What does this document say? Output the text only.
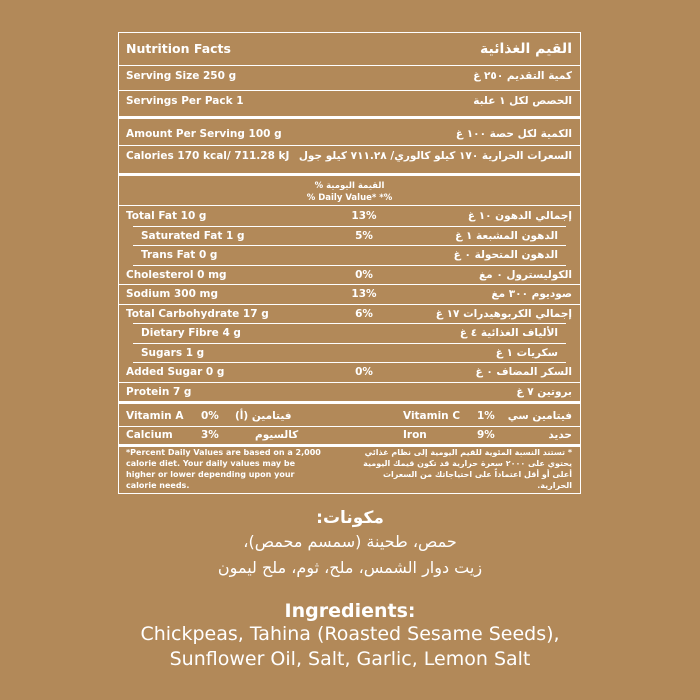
Nutrition Facts	القيم الغذائية
Serving Size 250 g	كمية التقديم ٢٥٠ غ
Servings Per Pack 1	الحصص لكل ١ علبة
Amount Per Serving 100 g	الكمية لكل حصة ١٠٠ غ
Calories 170 kcal/ 711.28 kJ السعرات الحرارية ١٧٠ كيلو كالوري/ ٧١١.٢٨ كيلو جول
القيمة اليومية %
% Daily Value* *%
Total Fat 10 g	13%	إجمالي الدهون ١٠ غ
Saturated Fat 1 g	5%	الدهون المشبعة ١ غ
Trans Fat 0 g	الدهون المتحولة ٠ غ
Cholesterol 0 mg	0%	الكوليسترول ٠ مغ
Sodium 300 mg	13%	صوديوم ٣٠٠ مغ
Total Carbohydrate 17 g	6%	إجمالي الكربوهيدرات ١٧ غ
Dietary Fibre 4 g	الألياف الغذائية ٤ غ
Sugars 1 g	سكريات ١ غ
Added Sugar 0 g	0%	السكر المضاف ٠ غ
Protein 7 g	بروتين ٧ غ
Vitamin A 0% فيتامين (أ)	Vitamin C 1% فيتامين سي
Calcium	3%	كالسيوم	Iron	9%	حديد
*Percent Daily Values are based on a 2,000 calorie diet. Your daily values may be higher or lower depending upon your calorie needs.
* تستند النسبة المئوية للقيم اليومية إلى نظام غذائي يحتوي على ٢٠٠٠ سعرة حرارية قد تكون قيمك اليومية أعلى أو أقل اعتماداً على احتياجاتك من السعرات الحرارية.
مكونات:
حمص، طحينة (سمسم محمص)،
زيت دوار الشمس، ملح، ثوم، ملح ليمون
Ingredients:
Chickpeas, Tahina (Roasted Sesame Seeds),
Sunflower Oil, Salt, Garlic, Lemon Salt
